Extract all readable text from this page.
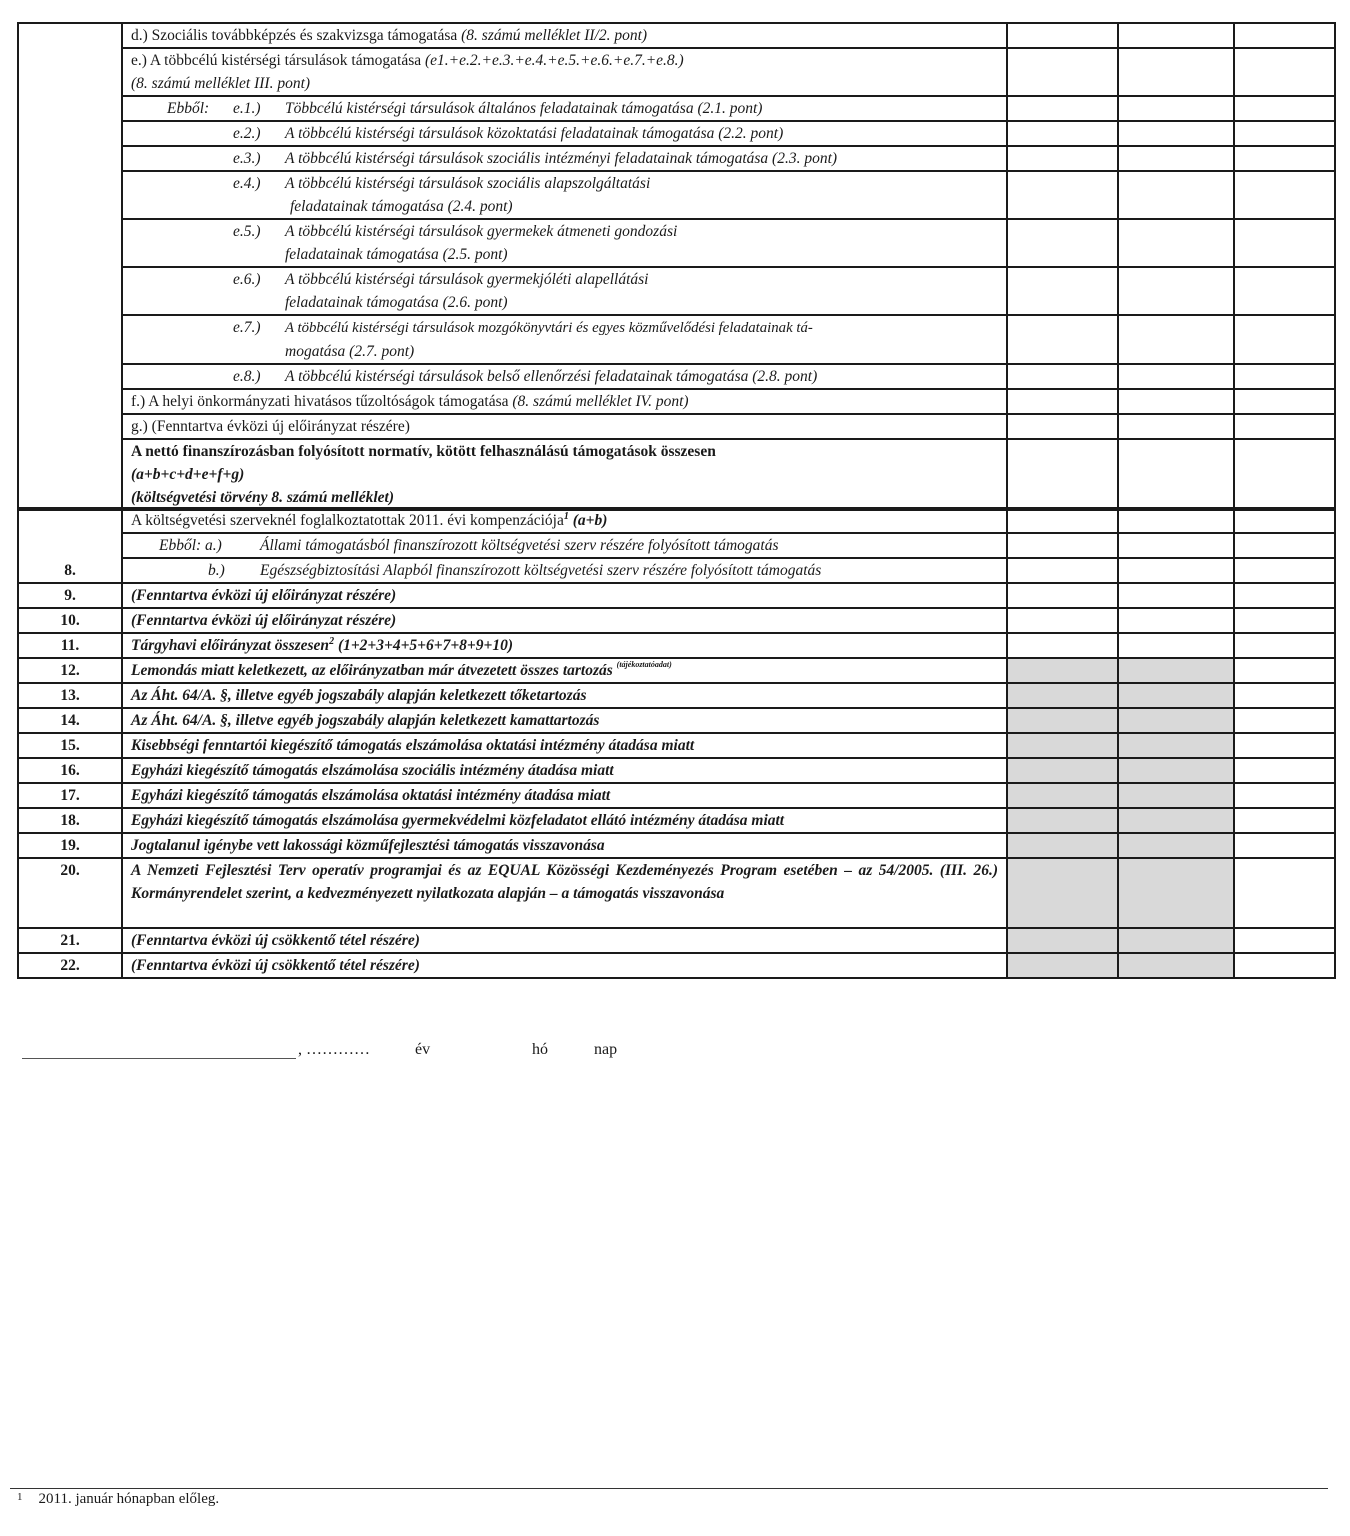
	d.) Szociális továbbképzés és szakvizsga támogatása (8. számú melléklet II/2. pont)			
	e.) A többcélú kistérségi társulások támogatása (e1.+e.2.+e.3.+e.4.+e.5.+e.6.+e.7.+e.8.)
(8. számú melléklet III. pont)			
	Ebből: e.1.) Többcélú kistérségi társulások általános feladatainak támogatása (2.1. pont)			
	e.2.) A többcélú kistérségi társulások közoktatási feladatainak támogatása (2.2. pont)			
	e.3.) A többcélú kistérségi társulások szociális intézményi feladatainak támogatása (2.3. pont)			
	e.4.) A többcélú kistérségi társulások szociális alapszolgáltatási
feladatainak támogatása (2.4. pont)			

	e.5.) A többcélú kistérségi társulások gyermekek átmeneti gondozási
feladatainak támogatása (2.5. pont)			

	e.6.) A többcélú kistérségi társulások gyermekjóléti alapellátási
feladatainak támogatása (2.6. pont)			

	e.7.) A többcélú kistérségi társulások mozgókönyvtári és egyes közművelődési feladatainak tá-
mogatása (2.7. pont)			

	e.8.) A többcélú kistérségi társulások belső ellenőrzési feladatainak támogatása (2.8. pont)			
	f.) A helyi önkormányzati hivatásos tűzoltóságok támogatása (8. számú melléklet IV. pont)			
	g.) (Fenntartva évközi új előirányzat részére)			
	A nettó finanszírozásban folyósított normatív, kötött felhasználású támogatások összesen
(a+b+c+d+e+f+g)
(költségvetési törvény 8. számú melléklet)			
8.	A költségvetési szerveknél foglalkoztatottak 2011. évi kompenzációja$^1$ (a+b)			
	Ebből: a.) Állami támogatásból finanszírozott költségvetési szerv részére folyósított támogatás			
	b.) Egészségbiztosítási Alapból finanszírozott költségvetési szerv részére folyósított támogatás			
9.	(Fenntartva évközi új előirányzat részére)			
10.	(Fenntartva évközi új előirányzat részére)			
11.	Tárgyhavi előirányzat összesen$^2$ (1+2+3+4+5+6+7+8+9+10)			
12.	Lemondás miatt keletkezett, az előirányzatban már átvezetett összes tartozás $^{(tájékoztatóadat)}$			
13.	Az Áht. 64/A. §, illetve egyéb jogszabály alapján keletkezett tőketartozás			
14.	Az Áht. 64/A. §, illetve egyéb jogszabály alapján keletkezett kamattartozás			
15.	Kisebbségi fenntartói kiegészítő támogatás elszámolása oktatási intézmény átadása miatt			
16.	Egyházi kiegészítő támogatás elszámolása szociális intézmény átadása miatt			
17.	Egyházi kiegészítő támogatás elszámolása oktatási intézmény átadása miatt			
18.	Egyházi kiegészítő támogatás elszámolása gyermekvédelmi közfeladatot ellátó intézmény átadása miatt			
19.	Jogtalanul igénybe vett lakossági közműfejlesztési támogatás visszavonása			
20.	A Nemzeti Fejlesztési Terv operatív programjai és az EQUAL Közösségi Kezdeményezés Program esetében – az 54/2005. (III. 26.) Kormányrendelet szerint, a kedvezményezett nyilatkozata alapján – a támogatás visszavonása			
21.	(Fenntartva évközi új csökkentő tétel részére)			
22.	(Fenntartva évközi új csökkentő tétel részére)			
, …………	év	hó	nap
$^1$ 2011. január hónapban előleg.
